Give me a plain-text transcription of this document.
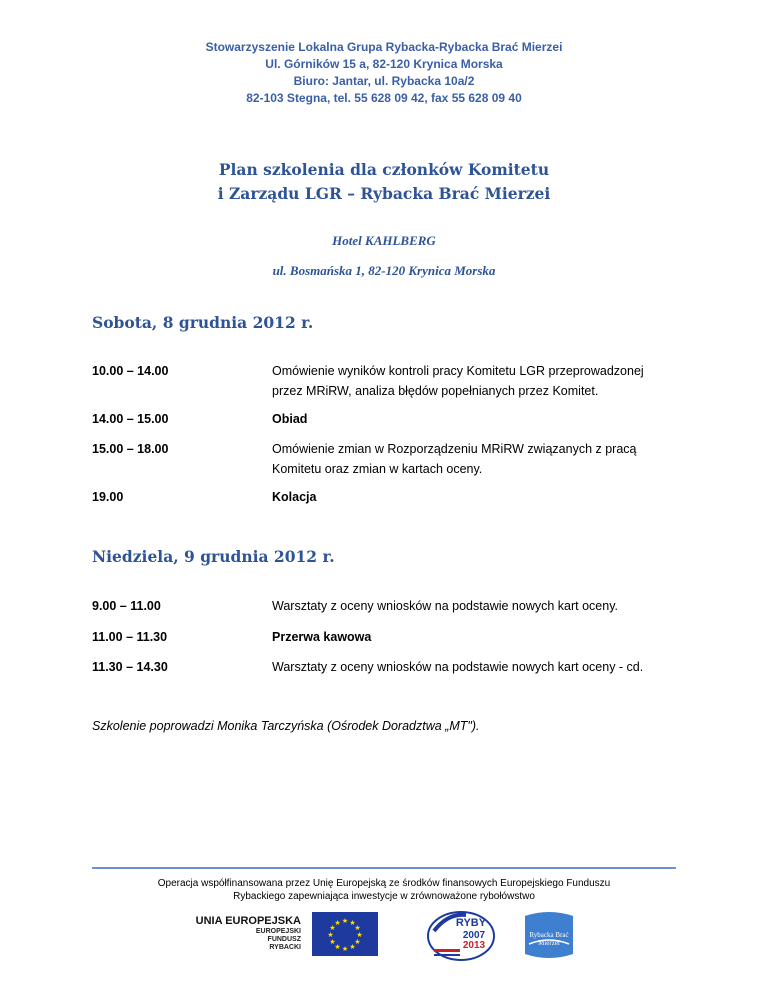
Stowarzyszenie Lokalna Grupa Rybacka-Rybacka Brać Mierzei
Ul. Górników 15 a, 82-120 Krynica Morska
Biuro: Jantar, ul. Rybacka 10a/2
82-103 Stegna, tel. 55 628 09 42, fax 55 628 09 40
Plan szkolenia dla członków Komitetu
i Zarządu LGR – Rybacka Brać Mierzei
Hotel KAHLBERG
ul. Bosmańska 1, 82-120 Krynica Morska
Sobota, 8 grudnia 2012 r.
10.00 – 14.00	Omówienie wyników kontroli pracy Komitetu LGR przeprowadzonej
przez MRiRW, analiza błędów popełnianych przez Komitet.
14.00 – 15.00	Obiad
15.00 – 18.00	Omówienie zmian w Rozporządzeniu MRiRW związanych z pracą
Komitetu oraz zmian w kartach oceny.
19.00	Kolacja
Niedziela, 9 grudnia 2012 r.
9.00 – 11.00	Warsztaty z oceny wniosków na podstawie nowych kart oceny.
11.00 – 11.30	Przerwa kawowa
11.30 – 14.30	Warsztaty z oceny wniosków na podstawie nowych kart oceny - cd.
Szkolenie poprowadzi Monika Tarczyńska (Ośrodek Doradztwa „MT").
Operacja współfinansowana przez Unię Europejską ze środków finansowych Europejskiego Funduszu
Rybackiego zapewniająca inwestycje w zrównoważone rybołówstwo
UNIA EUROPEJSKA
EUROPEJSKI
FUNDUSZ
RYBACKI
★ ★
★
★
★
★
★
★
★
★
★
★	RYBY
2007
2013
Rybacka Brać
Mierzei
